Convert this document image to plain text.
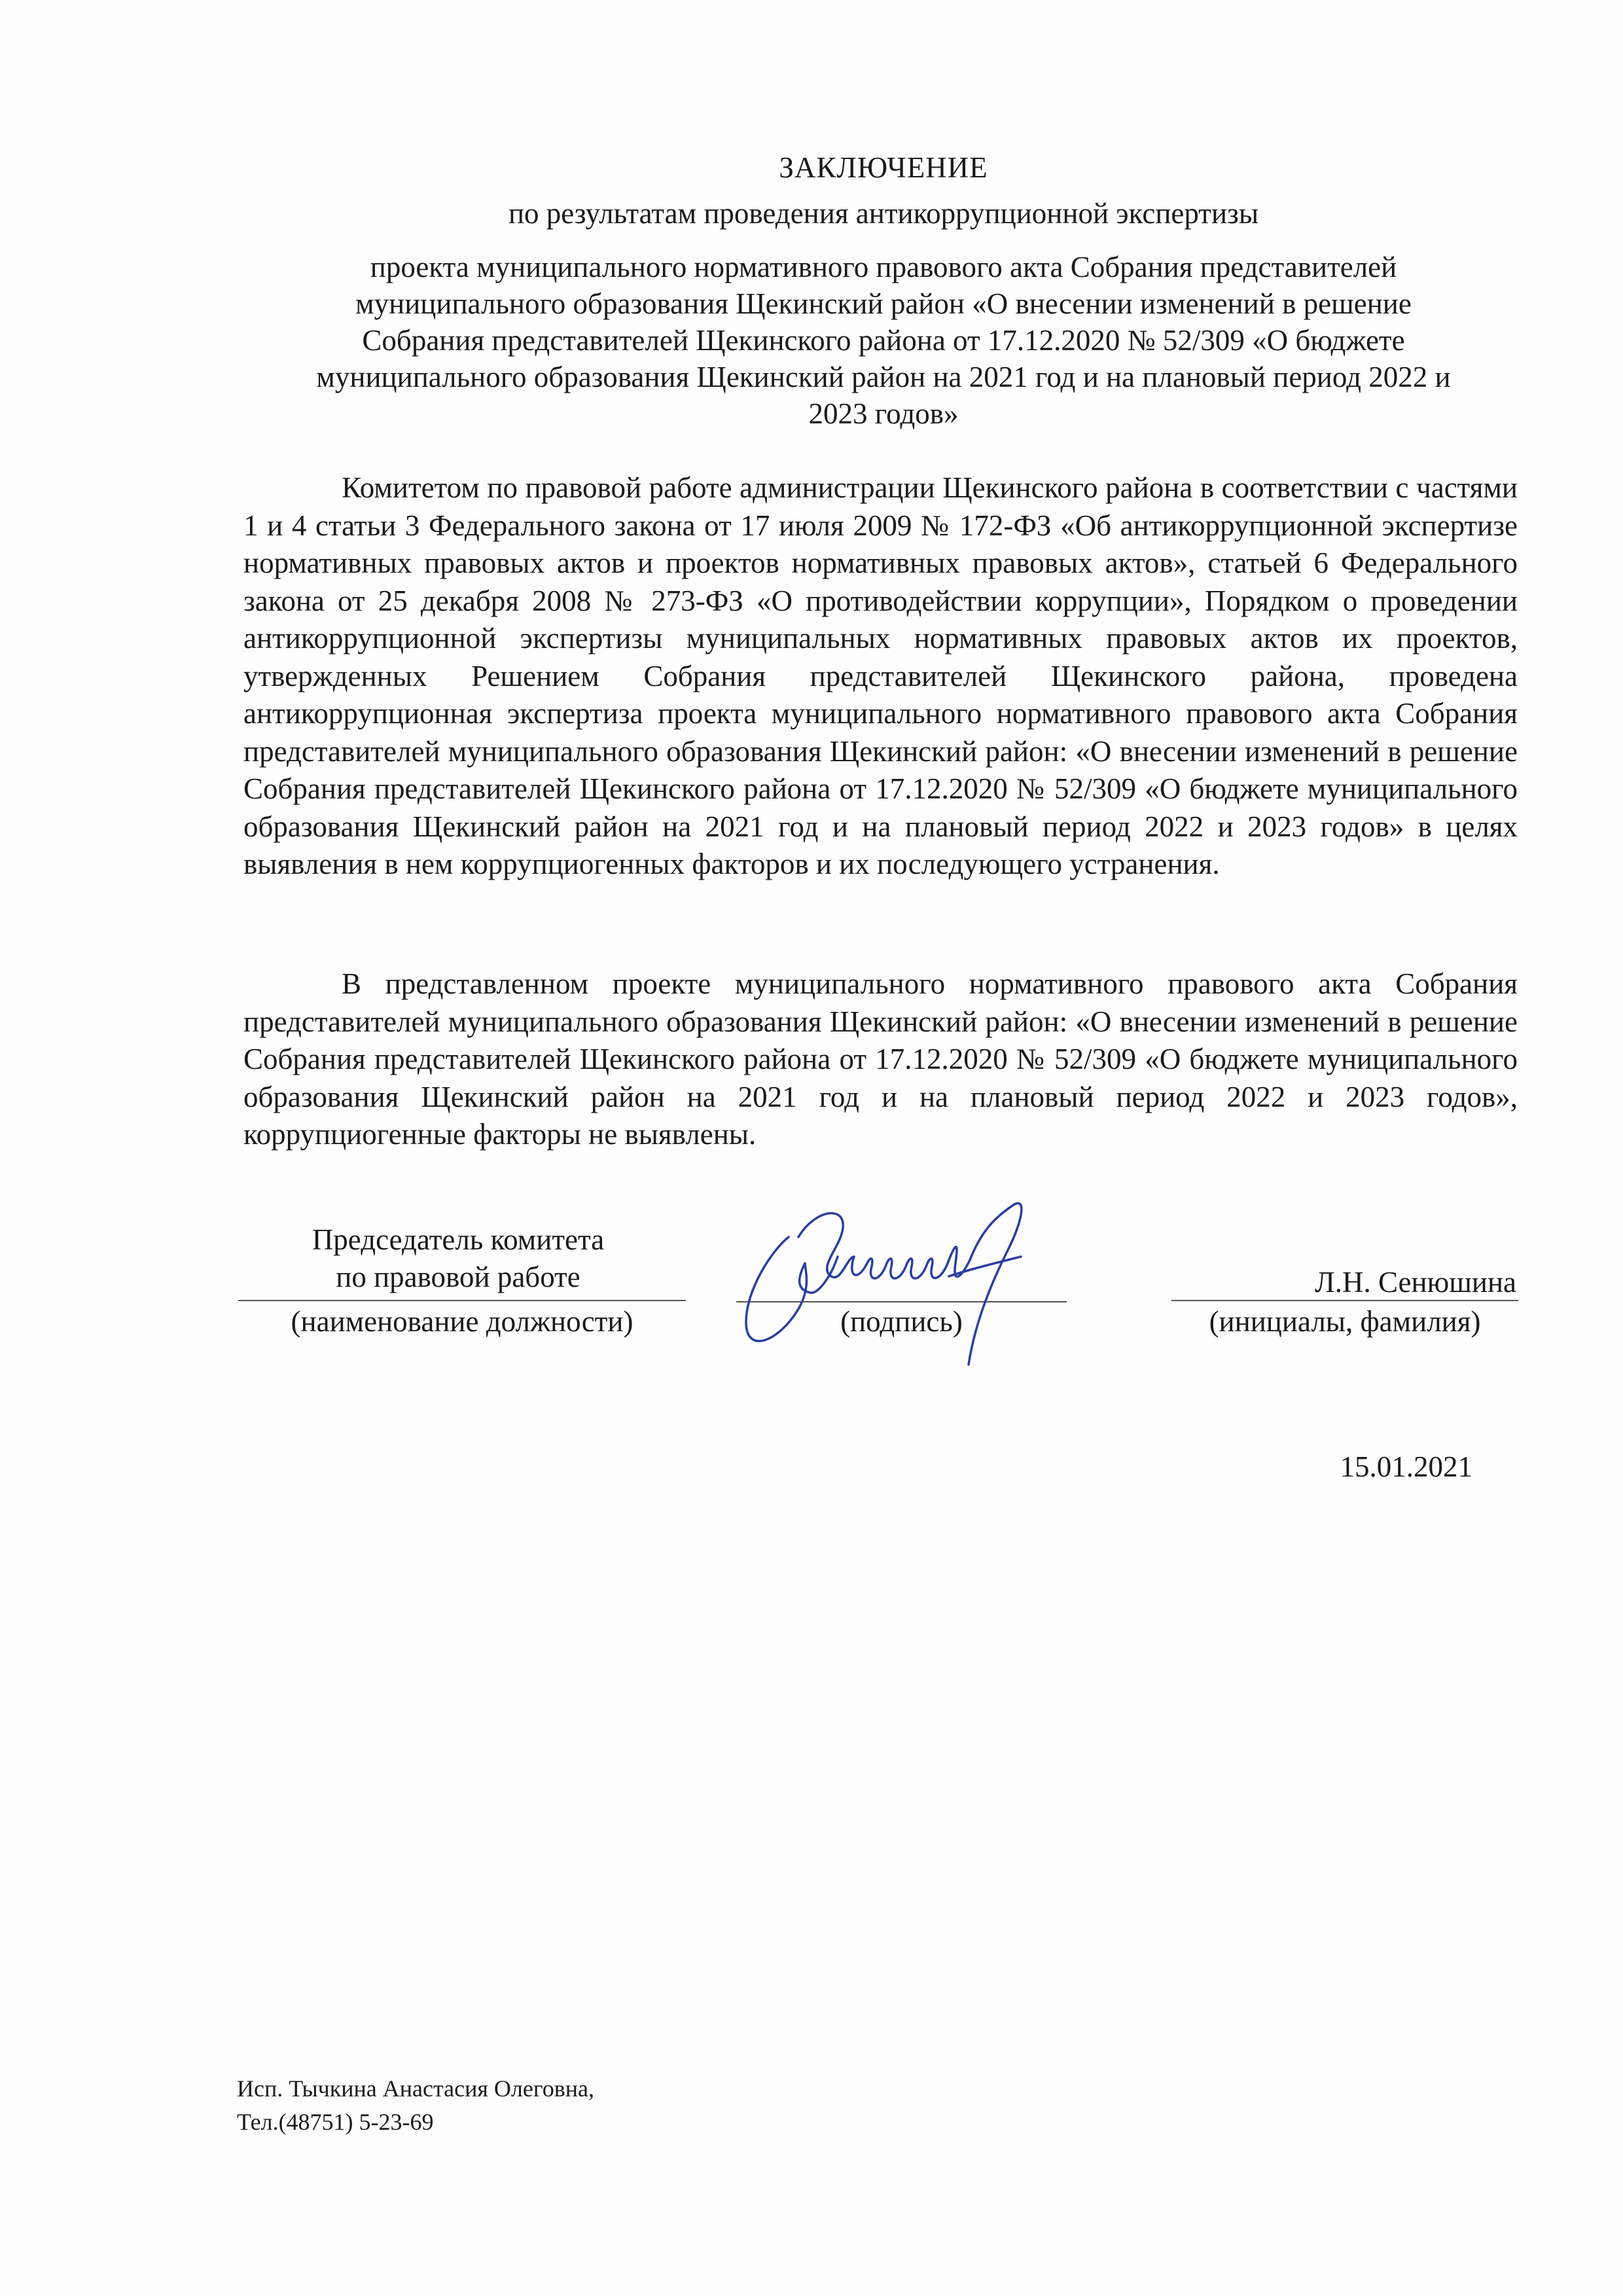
ЗАКЛЮЧЕНИЕ
по результатам проведения антикоррупционной экспертизы
проекта муниципального нормативного правового акта Собрания представителей
муниципального образования Щекинский район «О внесении изменений в решение
Собрания представителей Щекинского района от 17.12.2020 № 52/309 «О бюджете
муниципального образования Щекинский район на 2021 год и на плановый период 2022 и
2023 годов»

Комитетом по правовой работе администрации Щекинского района в соответствии с частями 1 и 4 статьи 3 Федерального закона от 17 июля 2009 № 172-ФЗ «Об антикоррупционной экспертизе нормативных правовых актов и проектов нормативных правовых актов», статьей 6 Федерального закона от 25 декабря 2008 № 273-ФЗ «О противодействии коррупции», Порядком о проведении антикоррупционной экспертизы муниципальных нормативных правовых актов их проектов, утвержденных Решением Собрания представителей Щекинского района, проведена антикоррупционная экспертиза проекта муниципального нормативного правового акта Собрания представителей муниципального образования Щекинский район: «О внесении изменений в решение Собрания представителей Щекинского района от 17.12.2020 № 52/309 «О бюджете муниципального образования Щекинский район на 2021 год и на плановый период 2022 и 2023 годов» в целях выявления в нем коррупциогенных факторов и их последующего устранения.

В представленном проекте муниципального нормативного правового акта Собрания представителей муниципального образования Щекинский район: «О внесении изменений в решение Собрания представителей Щекинского района от 17.12.2020 № 52/309 «О бюджете муниципального образования Щекинский район на 2021 год и на плановый период 2022 и 2023 годов», коррупциогенные факторы не выявлены.

Председатель комитета
по правовой работе
(наименование должности)	(подпись)	(инициалы, фамилия)
Л.Н. Сенюшина
15.01.2021
Исп. Тычкина Анастасия Олеговна,
Тел.(48751) 5-23-69
